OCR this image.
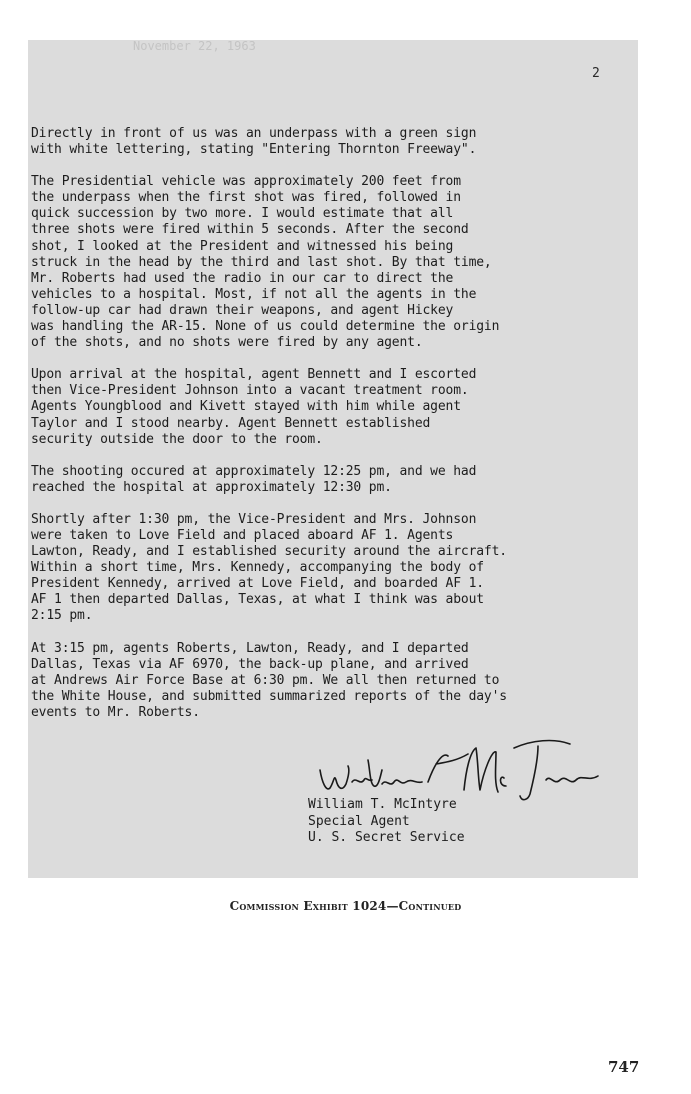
November 22, 1963
2

Directly in front of us was an underpass with a green sign
with white lettering, stating "Entering Thornton Freeway".

The Presidential vehicle was approximately 200 feet from
the underpass when the first shot was fired, followed in
quick succession by two more. I would estimate that all
three shots were fired within 5 seconds. After the second
shot, I looked at the President and witnessed his being
struck in the head by the third and last shot. By that time,
Mr. Roberts had used the radio in our car to direct the
vehicles to a hospital. Most, if not all the agents in the
follow-up car had drawn their weapons, and agent Hickey
was handling the AR-15. None of us could determine the origin
of the shots, and no shots were fired by any agent.

Upon arrival at the hospital, agent Bennett and I escorted
then Vice-President Johnson into a vacant treatment room.
Agents Youngblood and Kivett stayed with him while agent
Taylor and I stood nearby. Agent Bennett established
security outside the door to the room.

The shooting occured at approximately 12:25 pm, and we had
reached the hospital at approximately 12:30 pm.

Shortly after 1:30 pm, the Vice-President and Mrs. Johnson
were taken to Love Field and placed aboard AF 1. Agents
Lawton, Ready, and I established security around the aircraft.
Within a short time, Mrs. Kennedy, accompanying the body of
President Kennedy, arrived at Love Field, and boarded AF 1.
AF 1 then departed Dallas, Texas, at what I think was about
2:15 pm.

At 3:15 pm, agents Roberts, Lawton, Ready, and I departed
Dallas, Texas via AF 6970, the back-up plane, and arrived
at Andrews Air Force Base at 6:30 pm. We all then returned to
the White House, and submitted summarized reports of the day's
events to Mr. Roberts.

William T. McIntyre
Special Agent
U. S. Secret Service
Commission Exhibit 1024—Continued
747
